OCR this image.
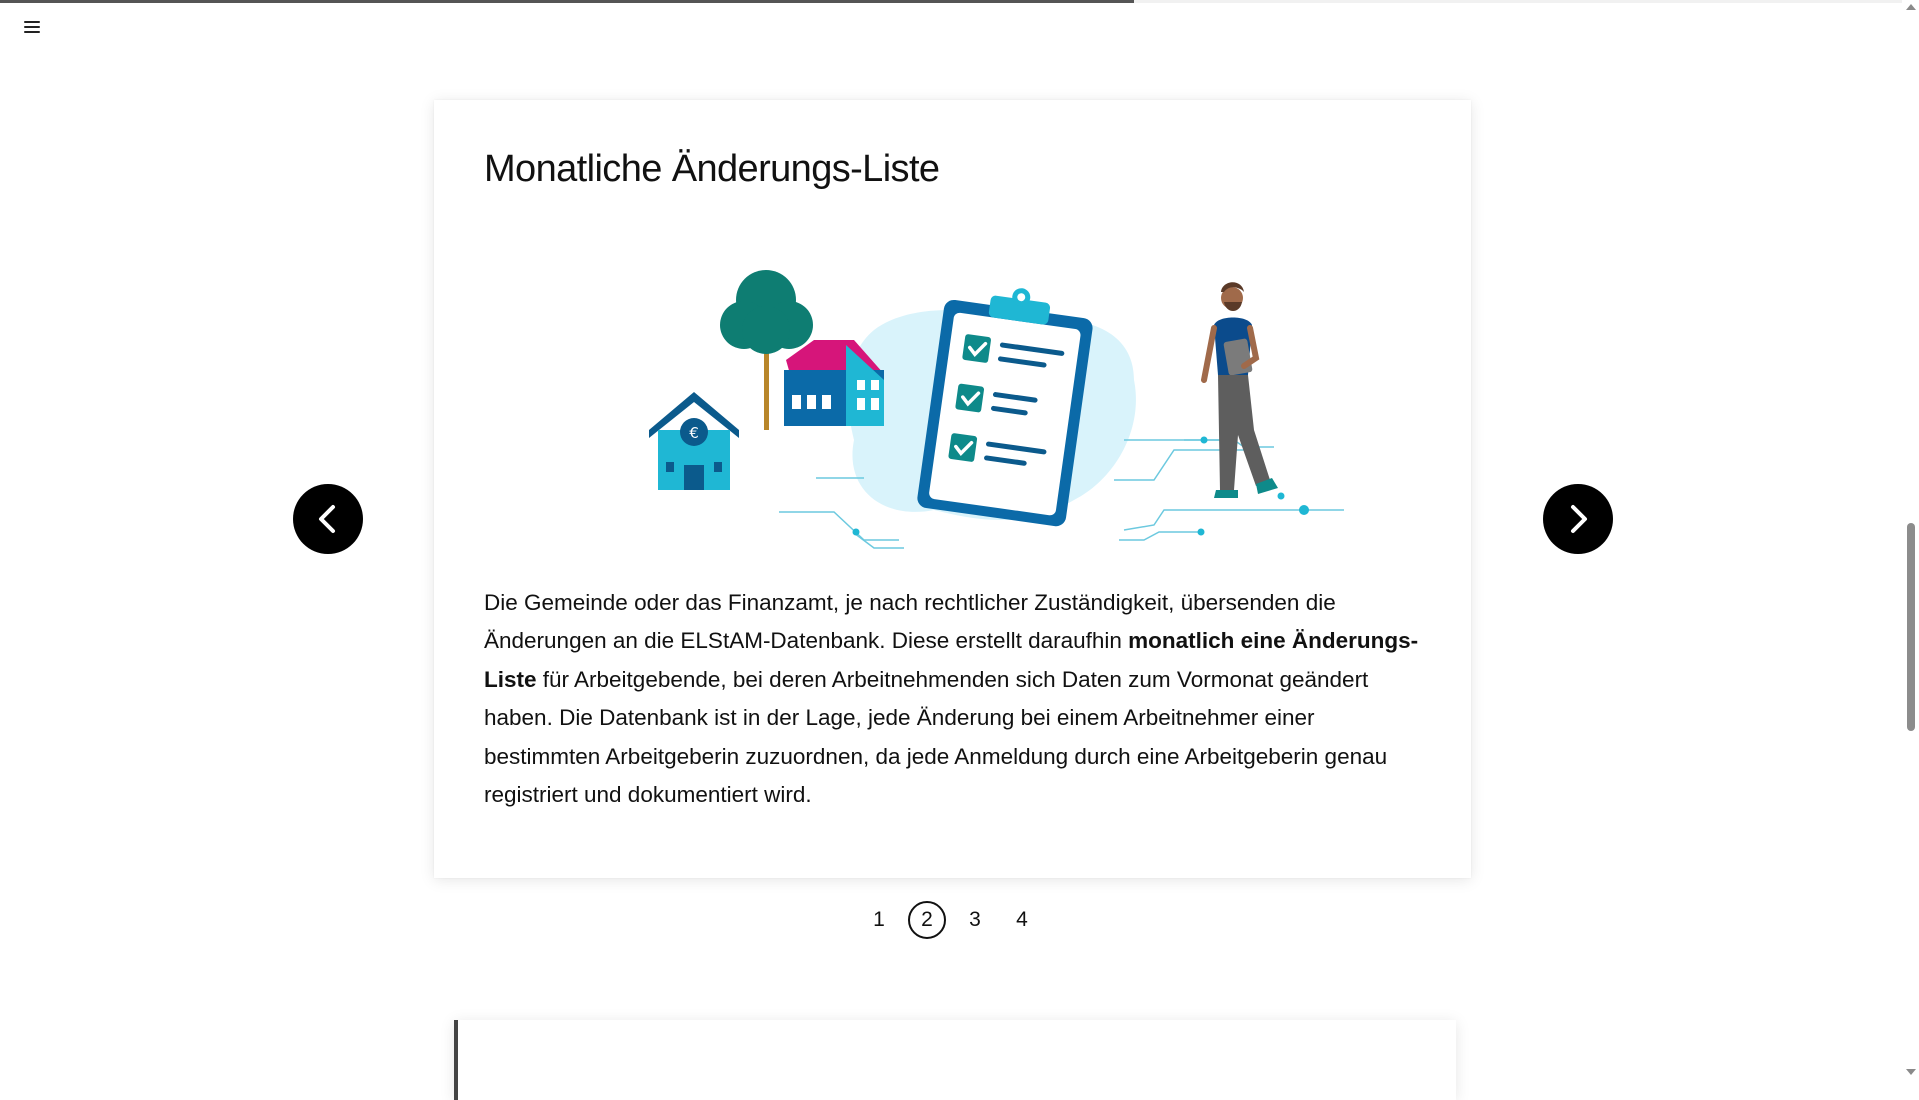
Monatliche Änderungs-Liste
€

Die Gemeinde oder das Finanzamt, je nach rechtlicher Zuständigkeit, übersenden die Änderungen an die ELStAM-Datenbank. Diese erstellt daraufhin monatlich eine Änderungs-Liste für Arbeitgebende, bei deren Arbeitnehmenden sich Daten zum Vormonat geändert haben. Die Datenbank ist in der Lage, jede Änderung bei einem Arbeitnehmer einer bestimmten Arbeitgeberin zuzuordnen, da jede Anmeldung durch eine Arbeitgeberin genau registriert und dokumentiert wird.

1	2	3	4
